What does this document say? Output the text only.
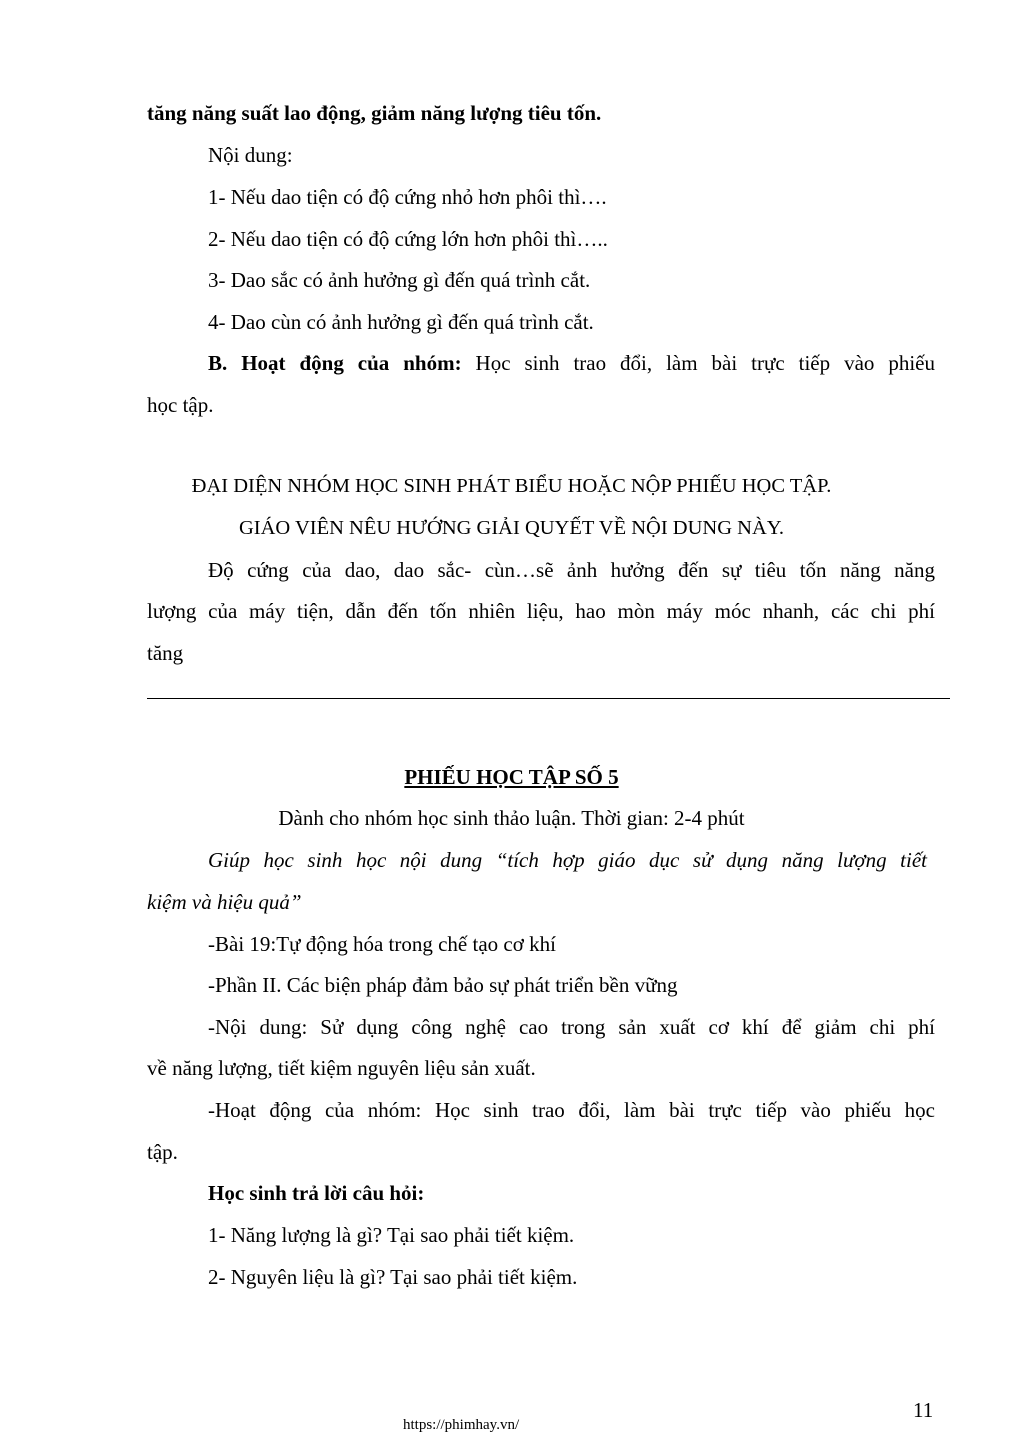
tăng năng suất lao động, giảm năng lượng tiêu tốn.
Nội dung:
1- Nếu dao tiện có độ cứng nhỏ hơn phôi thì….
2- Nếu dao tiện có độ cứng lớn hơn phôi thì…..
3- Dao sắc có ảnh hưởng gì đến quá trình cắt.
4- Dao cùn có ảnh hưởng gì đến quá trình cắt.
B. Hoạt động của nhóm: Học sinh trao đổi, làm bài trực tiếp vào phiếu
học tập.
ĐẠI DIỆN NHÓM HỌC SINH PHÁT BIỂU HOẶC NỘP PHIẾU HỌC TẬP.
GIÁO VIÊN NÊU HƯỚNG GIẢI QUYẾT VỀ NỘI DUNG NÀY.
Độ cứng của dao, dao sắc- cùn…sẽ ảnh hưởng đến sự tiêu tốn năng năng
lượng của máy tiện, dẫn đến tốn nhiên liệu, hao mòn máy móc nhanh, các chi phí
tăng
PHIẾU HỌC TẬP SỐ 5
Dành cho nhóm học sinh thảo luận. Thời gian: 2-4 phút
Giúp học sinh học nội dung “tích hợp giáo dục sử dụng năng lượng tiết
kiệm và hiệu quả”
-Bài 19:Tự động hóa trong chế tạo cơ khí
-Phần II. Các biện pháp đảm bảo sự phát triển bền vững
-Nội dung: Sử dụng công nghệ cao trong sản xuất cơ khí để giảm chi phí
về năng lượng, tiết kiệm nguyên liệu sản xuất.
-Hoạt động của nhóm: Học sinh trao đổi, làm bài trực tiếp vào phiếu học
tập.
Học sinh trả lời câu hỏi:
1- Năng lượng là gì? Tại sao phải tiết kiệm.
2- Nguyên liệu là gì? Tại sao phải tiết kiệm.
11
https://phimhay.vn/
